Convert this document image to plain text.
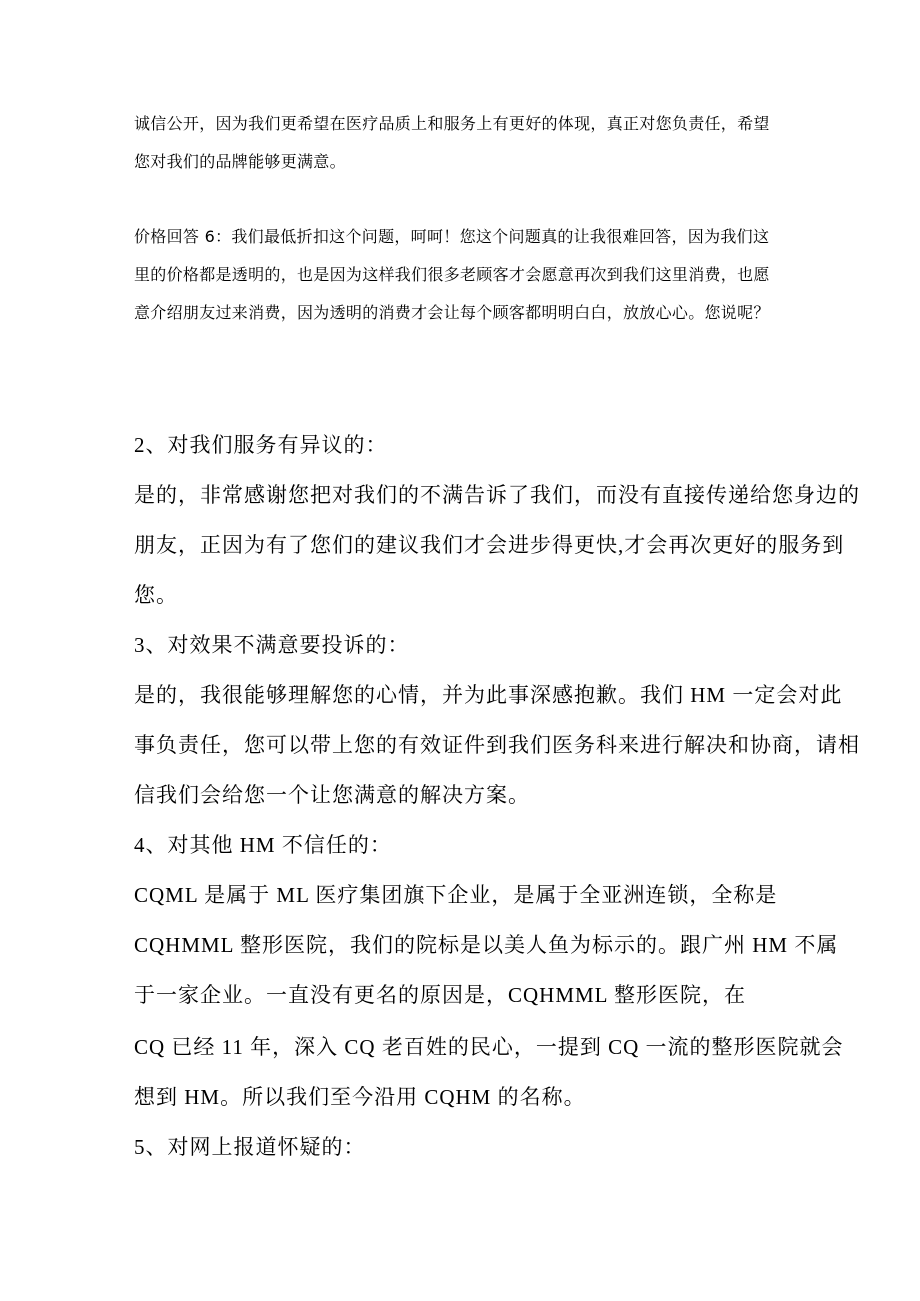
诚信公开，因为我们更希望在医疗品质上和服务上有更好的体现，真正对您负责任，希望
您对我们的品牌能够更满意。
价格回答 6：我们最低折扣这个问题，呵呵！您这个问题真的让我很难回答，因为我们这
里的价格都是透明的，也是因为这样我们很多老顾客才会愿意再次到我们这里消费，也愿
意介绍朋友过来消费，因为透明的消费才会让每个顾客都明明白白，放放心心。您说呢？
2、对我们服务有异议的：
是的，非常感谢您把对我们的不满告诉了我们，而没有直接传递给您身边的
朋友，正因为有了您们的建议我们才会进步得更快,才会再次更好的服务到
您。
3、对效果不满意要投诉的：
是的，我很能够理解您的心情，并为此事深感抱歉。我们 HM 一定会对此
事负责任，您可以带上您的有效证件到我们医务科来进行解决和协商，请相
信我们会给您一个让您满意的解决方案。
4、对其他 HM 不信任的：
CQML 是属于 ML 医疗集团旗下企业，是属于全亚洲连锁，全称是
CQHMML 整形医院，我们的院标是以美人鱼为标示的。跟广州 HM 不属
于一家企业。一直没有更名的原因是，CQHMML 整形医院，在
CQ 已经 11 年，深入 CQ 老百姓的民心，一提到 CQ 一流的整形医院就会
想到 HM。所以我们至今沿用 CQHM 的名称。
5、对网上报道怀疑的：
